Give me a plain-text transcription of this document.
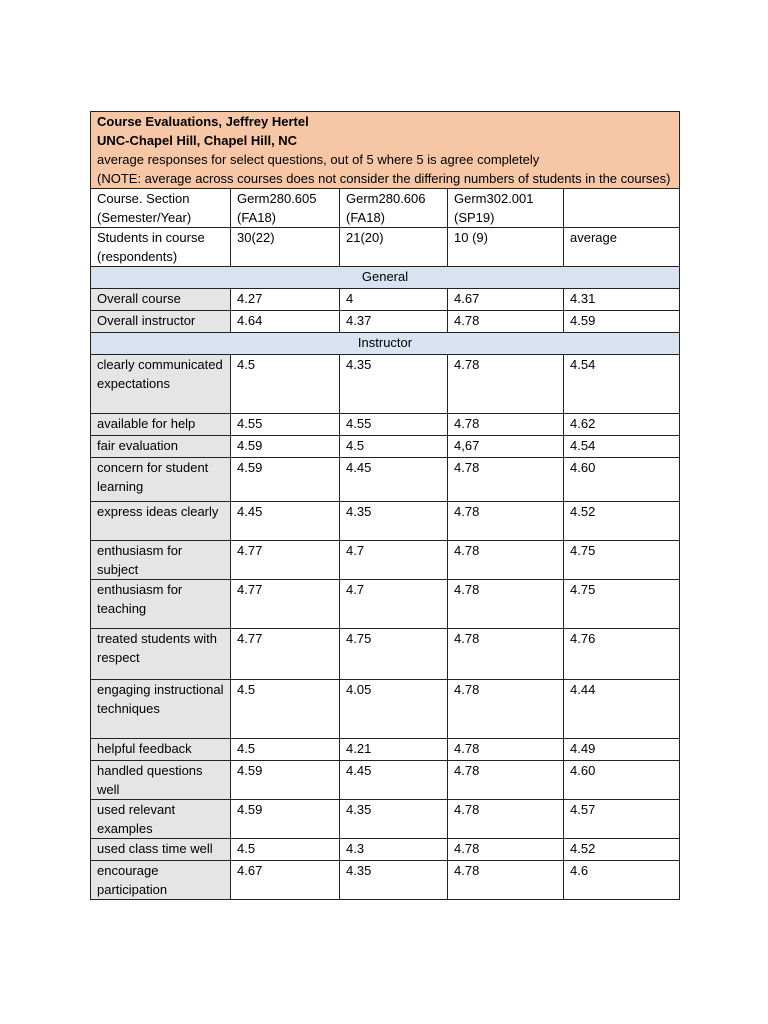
Course Evaluations, Jeffrey Hertel
UNC-Chapel Hill, Chapel Hill, NC
average responses for select questions, out of 5 where 5 is agree completely
(NOTE: average across courses does not consider the differing numbers of students in the courses)				

Course. Section (Semester/Year)	Germ280.605 (FA18)	Germ280.606 (FA18)	Germ302.001 (SP19)	
Students in course (respondents)	30(22)	21(20)	10 (9)	average
General				
Overall course	4.27	4	4.67	4.31
Overall instructor	4.64	4.37	4.78	4.59
Instructor				
clearly communicated expectations	4.5	4.35	4.78	4.54
available for help	4.55	4.55	4.78	4.62
fair evaluation	4.59	4.5	4,67	4.54
concern for student learning	4.59	4.45	4.78	4.60
express ideas clearly	4.45	4.35	4.78	4.52
enthusiasm for subject	4.77	4.7	4.78	4.75
enthusiasm for teaching	4.77	4.7	4.78	4.75
treated students with respect	4.77	4.75	4.78	4.76
engaging instructional techniques	4.5	4.05	4.78	4.44
helpful feedback	4.5	4.21	4.78	4.49
handled questions well	4.59	4.45	4.78	4.60
used relevant examples	4.59	4.35	4.78	4.57
used class time well	4.5	4.3	4.78	4.52
encourage participation	4.67	4.35	4.78	4.6
